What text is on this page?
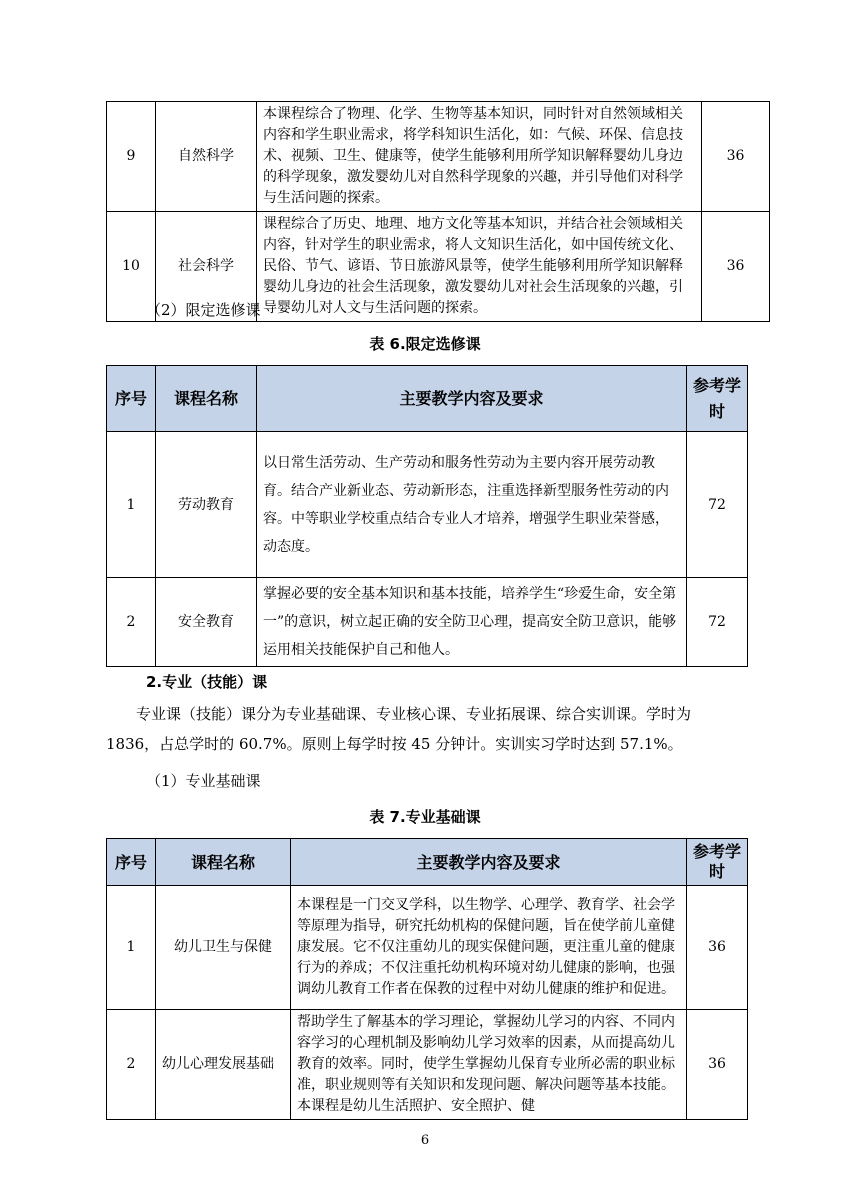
9	自然科学	本课程综合了物理、化学、生物等基本知识，同时针对自然领域相关内容和学生职业需求，将学科知识生活化，如：气候、环保、信息技术、视频、卫生、健康等，使学生能够利用所学知识解释婴幼儿身边的科学现象，激发婴幼儿对自然科学现象的兴趣，并引导他们对科学与生活问题的探索。	36
10	社会科学	课程综合了历史、地理、地方文化等基本知识，并结合社会领域相关内容，针对学生的职业需求，将人文知识生活化，如中国传统文化、民俗、节气、谚语、节日旅游风景等，使学生能够利用所学知识解释婴幼儿身边的社会生活现象，激发婴幼儿对社会生活现象的兴趣，引导婴幼儿对人文与生活问题的探索。	36
（2）限定选修课
表 6.限定选修课
序号	课程名称	主要教学内容及要求	参考学时
1	劳动教育	以日常生活劳动、生产劳动和服务性劳动为主要内容开展劳动教育。结合产业新业态、劳动新形态，注重选择新型服务性劳动的内容。中等职业学校重点结合专业人才培养，增强学生职业荣誉感，动态度。	72
2	安全教育	掌握必要的安全基本知识和基本技能，培养学生“珍爱生命，安全第一”的意识，树立起正确的安全防卫心理，提高安全防卫意识，能够运用相关技能保护自己和他人。	72
2.专业（技能）课
专业课（技能）课分为专业基础课、专业核心课、专业拓展课、综合实训课。学时为 1836，占总学时的 60.7%。原则上每学时按 45 分钟计。实训实习学时达到 57.1%。
（1）专业基础课
表 7.专业基础课
序号	课程名称	主要教学内容及要求	参考学时
1	幼儿卫生与保健	本课程是一门交叉学科，以生物学、心理学、教育学、社会学等原理为指导，研究托幼机构的保健问题，旨在使学前儿童健康发展。它不仅注重幼儿的现实保健问题，更注重儿童的健康行为的养成；不仅注重托幼机构环境对幼儿健康的影响，也强调幼儿教育工作者在保教的过程中对幼儿健康的维护和促进。	36
2	幼儿心理发展基础	帮助学生了解基本的学习理论，掌握幼儿学习的内容、不同内容学习的心理机制及影响幼儿学习效率的因素，从而提高幼儿教育的效率。同时，使学生掌握幼儿保育专业所必需的职业标准，职业规则等有关知识和发现问题、解决问题等基本技能。本课程是幼儿生活照护、安全照护、健	36
6
